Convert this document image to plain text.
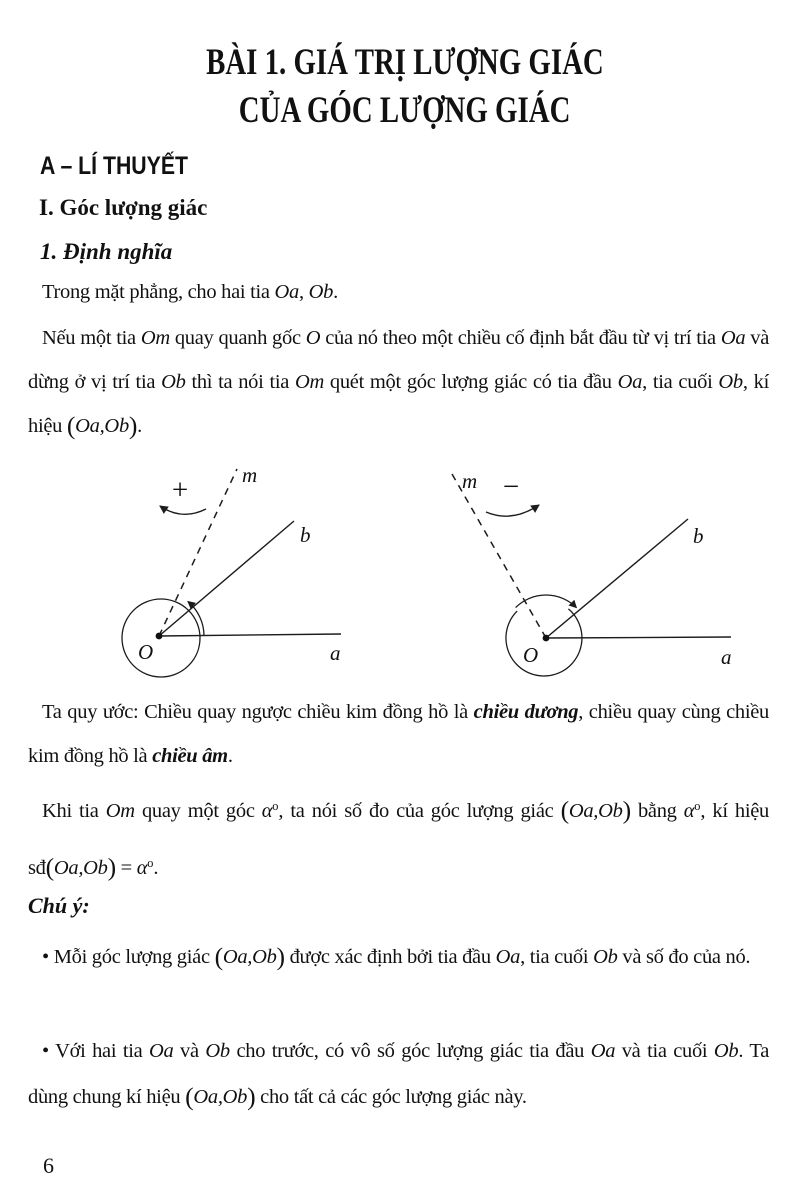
BÀI 1. GIÁ TRỊ LƯỢNG GIÁC
CỦA GÓC LƯỢNG GIÁC
A – LÍ THUYẾT
I. Góc lượng giác
1. Định nghĩa
Trong mặt phẳng, cho hai tia Oa, Ob.
Nếu một tia Om quay quanh gốc O của nó theo một chiều cố định bắt đầu từ vị trí tia Oa và dừng ở vị trí tia Ob thì ta nói tia Om quét một góc lượng giác có tia đầu Oa, tia cuối Ob, kí hiệu (Oa,Ob).
+	m
b
a
O
−
m
b
a
O
Ta quy ước: Chiều quay ngược chiều kim đồng hồ là chiều dương, chiều quay cùng chiều kim đồng hồ là chiều âm.
Khi tia Om quay một góc $\alpha^o$, ta nói số đo của góc lượng giác (Oa,Ob) bằng $\alpha^o$, kí hiệu sđ(Oa,Ob) = $\alpha^o$.
Chú ý:
• Mỗi góc lượng giác (Oa,Ob) được xác định bởi tia đầu Oa, tia cuối Ob và số đo của nó.
• Với hai tia Oa và Ob cho trước, có vô số góc lượng giác tia đầu Oa và tia cuối Ob. Ta dùng chung kí hiệu (Oa,Ob) cho tất cả các góc lượng giác này.
6
